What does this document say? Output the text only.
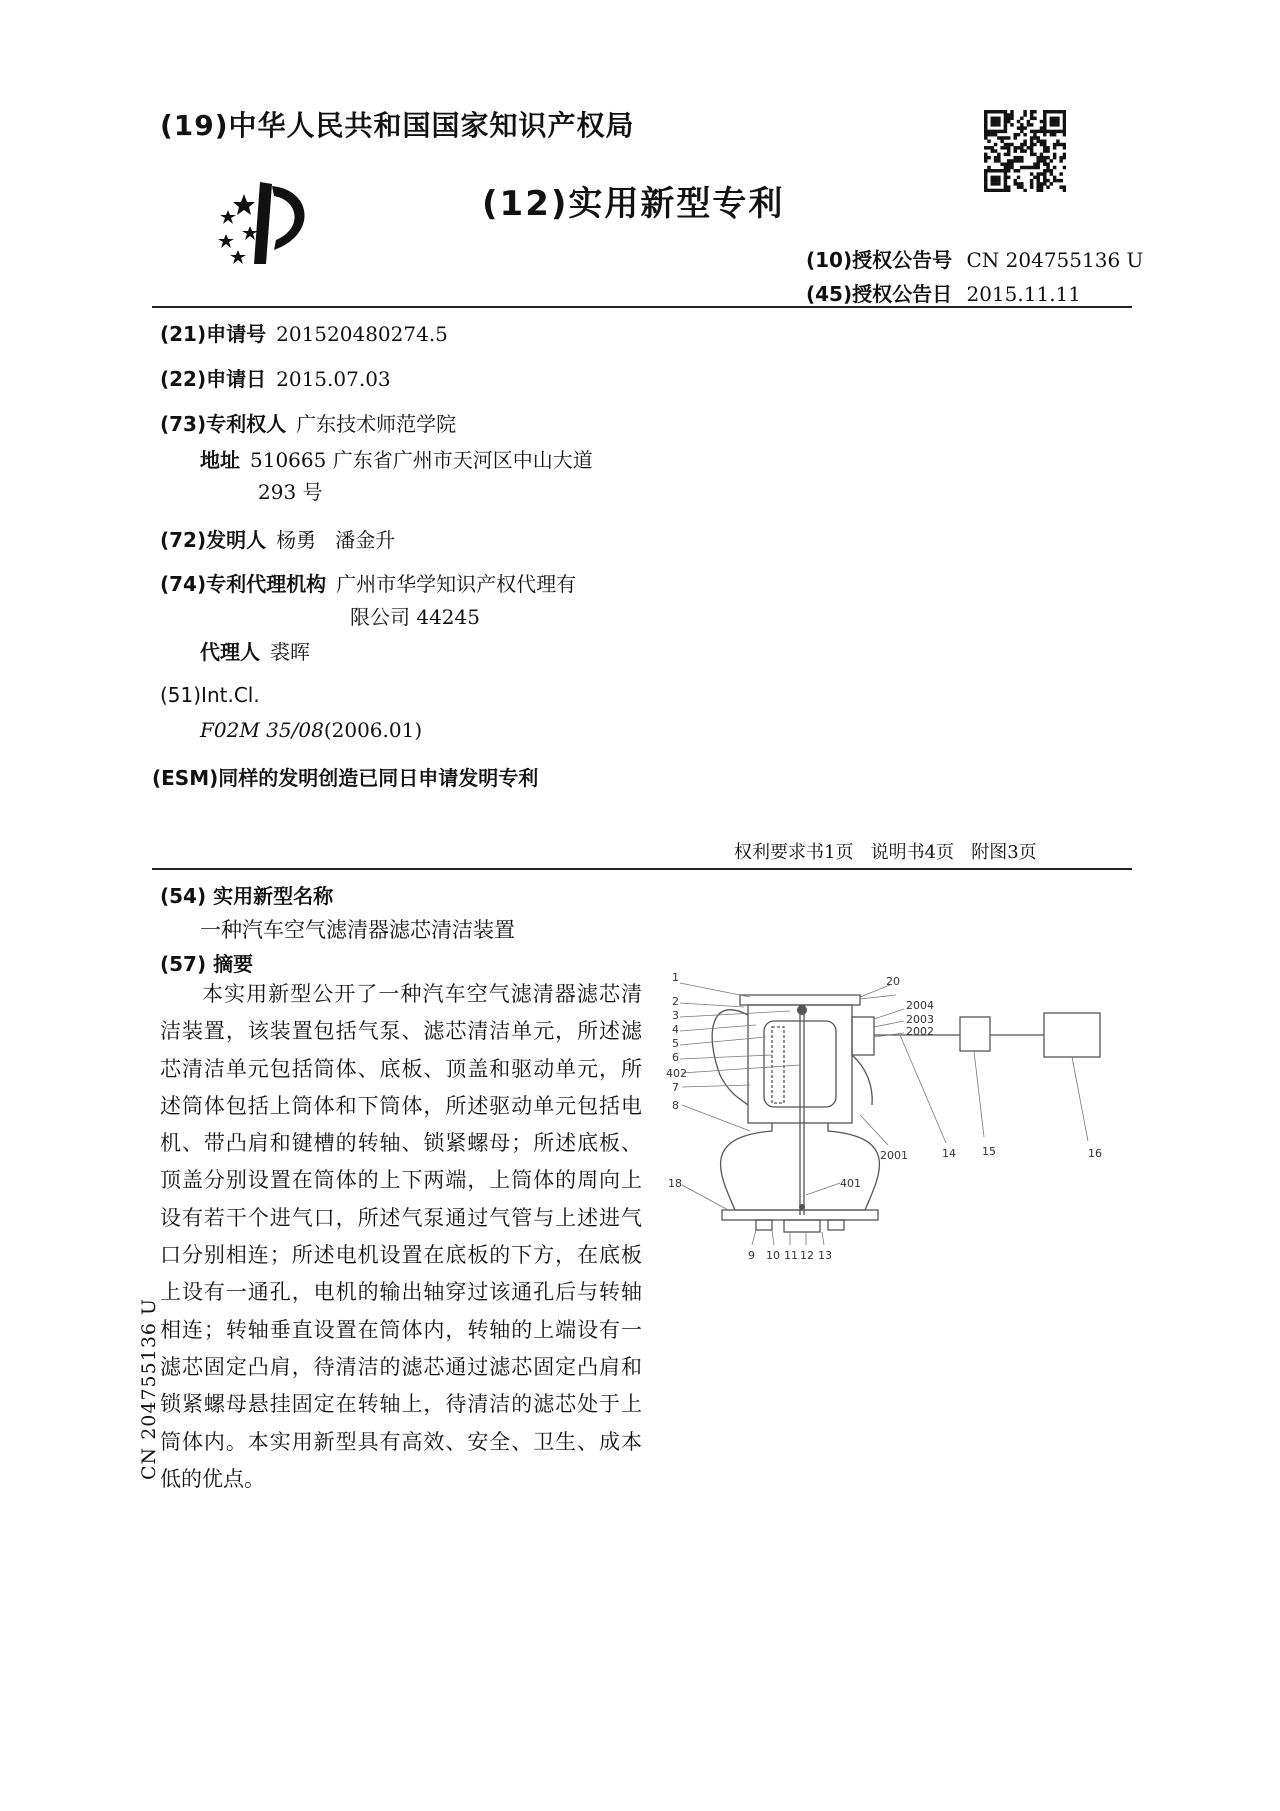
(19)中华人民共和国国家知识产权局
(12)实用新型专利
(10)授权公告号 CN 204755136 U
(45)授权公告日 2015.11.11
(21)申请号 201520480274.5
(22)申请日 2015.07.03
(73)专利权人 广东技术师范学院
地址 510665 广东省广州市天河区中山大道
293 号
(72)发明人 杨勇   潘金升
(74)专利代理机构 广州市华学知识产权代理有
限公司 44245
代理人 裘晖
(51)Int.Cl.
F02M 35/08(2006.01)
(ESM)同样的发明创造已同日申请发明专利
权利要求书1页   说明书4页   附图3页
(54) 实用新型名称
一种汽车空气滤清器滤芯清洁装置
(57) 摘要
本实用新型公开了一种汽车空气滤清器滤芯清洁装置，该装置包括气泵、滤芯清洁单元，所述滤芯清洁单元包括筒体、底板、顶盖和驱动单元，所述筒体包括上筒体和下筒体，所述驱动单元包括电机、带凸肩和键槽的转轴、锁紧螺母；所述底板、顶盖分别设置在筒体的上下两端，上筒体的周向上设有若干个进气口，所述气泵通过气管与上述进气口分别相连；所述电机设置在底板的下方，在底板上设有一通孔，电机的输出轴穿过该通孔后与转轴相连；转轴垂直设置在筒体内，转轴的上端设有一滤芯固定凸肩，待清洁的滤芯通过滤芯固定凸肩和锁紧螺母悬挂固定在转轴上，待清洁的滤芯处于上筒体内。本实用新型具有高效、安全、卫生、成本低的优点。
CN 204755136 U
1
2
3
4
5
6
402
7
8
18
20
2004
2003
2002
2001	14 15	16
401
9 10 11 12 13
